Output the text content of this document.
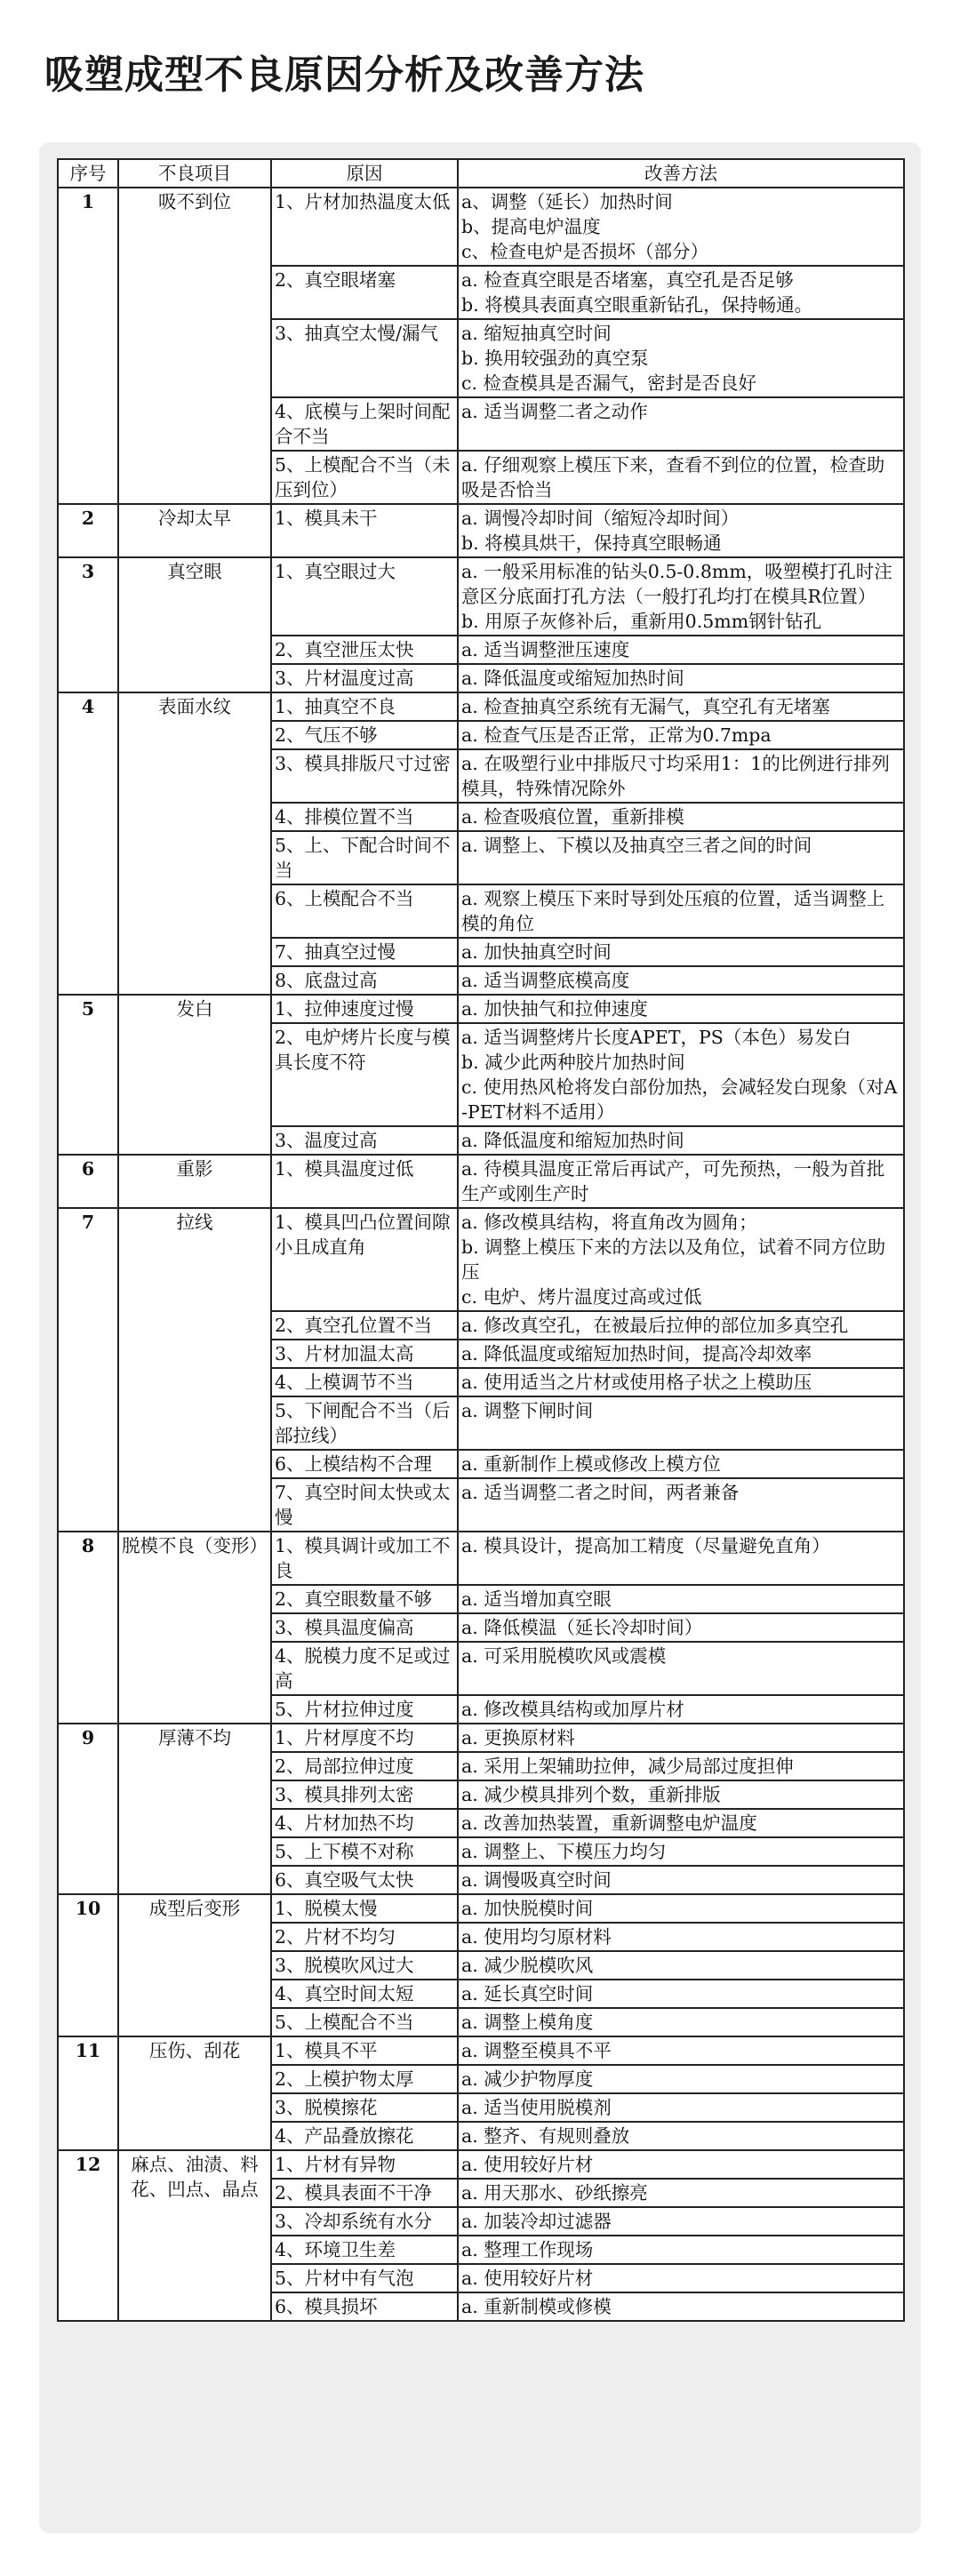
吸塑成型不良原因分析及改善方法
序号	不良项目	原因	改善方法
1	吸不到位	1、片材加热温度太低	a、调整（延长）加热时间
b、提高电炉温度
c、检查电炉是否损坏（部分）

		2、真空眼堵塞	a. 检查真空眼是否堵塞，真空孔是否足够
b. 将模具表面真空眼重新钻孔，保持畅通。

		3、抽真空太慢/漏气	a. 缩短抽真空时间
b. 换用较强劲的真空泵
c. 检查模具是否漏气，密封是否良好

		4、底模与上架时间配合不当	a. 适当调整二者之动作

		5、上模配合不当（未压到位）	a. 仔细观察上模压下来，查看不到位的位置，检查助吸是否恰当

2	冷却太早	1、模具未干	a. 调慢冷却时间（缩短冷却时间）
b. 将模具烘干，保持真空眼畅通

3	真空眼	1、真空眼过大	a. 一般采用标准的钻头0.5-0.8mm，吸塑模打孔时注意区分底面打孔方法（一般打孔均打在模具R位置）
b. 用原子灰修补后，重新用0.5mm钢针钻孔

		2、真空泄压太快	a. 适当调整泄压速度

		3、片材温度过高	a. 降低温度或缩短加热时间

4	表面水纹	1、抽真空不良	a. 检查抽真空系统有无漏气，真空孔有无堵塞

		2、气压不够	a. 检查气压是否正常，正常为0.7mpa

		3、模具排版尺寸过密	a. 在吸塑行业中排版尺寸均采用1：1的比例进行排列模具，特殊情况除外

		4、排模位置不当	a. 检查吸痕位置，重新排模

		5、上、下配合时间不当	a. 调整上、下模以及抽真空三者之间的时间

		6、上模配合不当	a. 观察上模压下来时导到处压痕的位置，适当调整上模的角位

		7、抽真空过慢	a. 加快抽真空时间

		8、底盘过高	a. 适当调整底模高度

5	发白	1、拉伸速度过慢	a. 加快抽气和拉伸速度

		2、电炉烤片长度与模具长度不符	a. 适当调整烤片长度APET，PS（本色）易发白
b. 减少此两种胶片加热时间
c. 使用热风枪将发白部份加热，会减轻发白现象（对A-PET材料不适用）

		3、温度过高	a. 降低温度和缩短加热时间

6	重影	1、模具温度过低	a. 待模具温度正常后再试产，可先预热，一般为首批生产或刚生产时

7	拉线	1、模具凹凸位置间隙小且成直角	a. 修改模具结构，将直角改为圆角；
b. 调整上模压下来的方法以及角位，试着不同方位助压
c. 电炉、烤片温度过高或过低

		2、真空孔位置不当	a. 修改真空孔，在被最后拉伸的部位加多真空孔

		3、片材加温太高	a. 降低温度或缩短加热时间，提高冷却效率

		4、上模调节不当	a. 使用适当之片材或使用格子状之上模助压

		5、下闸配合不当（后部拉线）	a. 调整下闸时间

		6、上模结构不合理	a. 重新制作上模或修改上模方位

		7、真空时间太快或太慢	a. 适当调整二者之时间，两者兼备

8	脱模不良（变形）	1、模具调计或加工不良	a. 模具设计，提高加工精度（尽量避免直角）

		2、真空眼数量不够	a. 适当增加真空眼

		3、模具温度偏高	a. 降低模温（延长冷却时间）

		4、脱模力度不足或过高	a. 可采用脱模吹风或震模

		5、片材拉伸过度	a. 修改模具结构或加厚片材

9	厚薄不均	1、片材厚度不均	a. 更换原材料

		2、局部拉伸过度	a. 采用上架辅助拉伸，减少局部过度担伸

		3、模具排列太密	a. 减少模具排列个数，重新排版

		4、片材加热不均	a. 改善加热装置，重新调整电炉温度

		5、上下模不对称	a. 调整上、下模压力均匀

		6、真空吸气太快	a. 调慢吸真空时间

10	成型后变形	1、脱模太慢	a. 加快脱模时间

		2、片材不均匀	a. 使用均匀原材料

		3、脱模吹风过大	a. 减少脱模吹风

		4、真空时间太短	a. 延长真空时间

		5、上模配合不当	a. 调整上模角度

11	压伤、刮花	1、模具不平	a. 调整至模具不平

		2、上模护物太厚	a. 减少护物厚度

		3、脱模擦花	a. 适当使用脱模剂

		4、产品叠放擦花	a. 整齐、有规则叠放

12	麻点、油渍、料花、凹点、晶点	1、片材有异物	a. 使用较好片材

		2、模具表面不干净	a. 用天那水、砂纸擦亮

		3、冷却系统有水分	a. 加装冷却过滤器

		4、环境卫生差	a. 整理工作现场

		5、片材中有气泡	a. 使用较好片材

		6、模具损坏	a. 重新制模或修模
